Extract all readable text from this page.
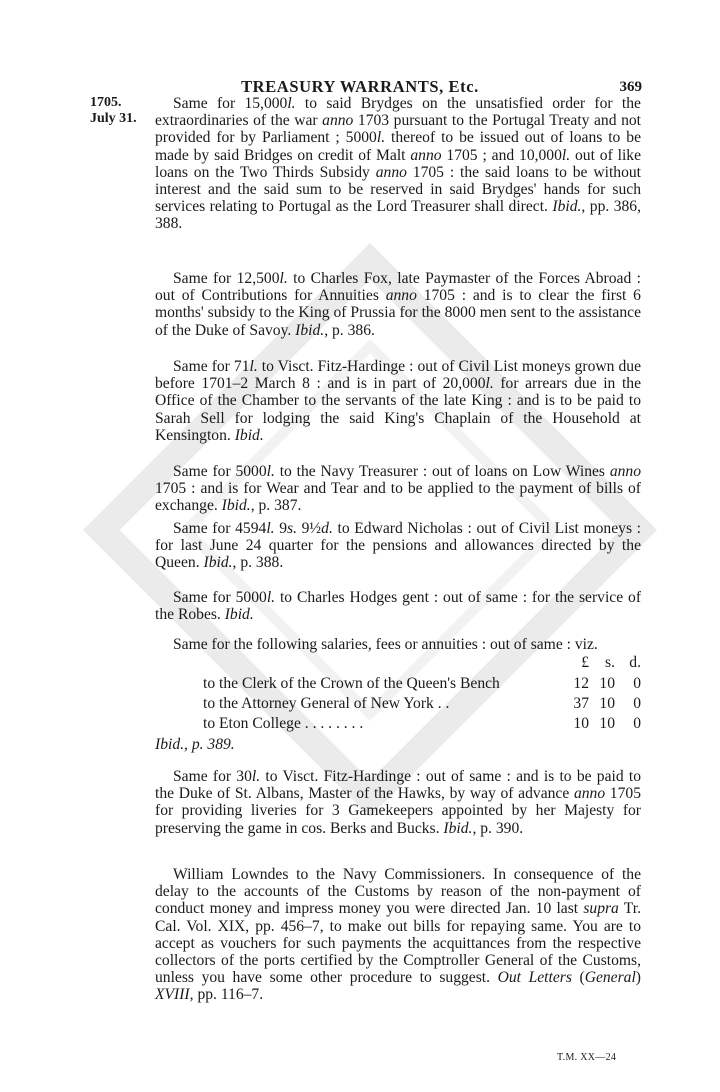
TREASURY WARRANTS, Etc.	369
1705.
July 31.

Same for 15,000l. to said Brydges on the unsatisfied order for the extraordinaries of the war anno 1703 pursuant to the Portugal Treaty and not provided for by Parliament ; 5000l. thereof to be issued out of loans to be made by said Bridges on credit of Malt anno 1705 ; and 10,000l. out of like loans on the Two Thirds Subsidy anno 1705 : the said loans to be without interest and the said sum to be reserved in said Brydges' hands for such services relating to Portugal as the Lord Treasurer shall direct. Ibid., pp. 386, 388.

Same for 12,500l. to Charles Fox, late Paymaster of the Forces Abroad : out of Contributions for Annuities anno 1705 : and is to clear the first 6 months' subsidy to the King of Prussia for the 8000 men sent to the assistance of the Duke of Savoy. Ibid., p. 386.

Same for 71l. to Visct. Fitz-Hardinge : out of Civil List moneys grown due before 1701–2 March 8 : and is in part of 20,000l. for arrears due in the Office of the Chamber to the servants of the late King : and is to be paid to Sarah Sell for lodging the said King's Chaplain of the Household at Kensington. Ibid.

Same for 5000l. to the Navy Treasurer : out of loans on Low Wines anno 1705 : and is for Wear and Tear and to be applied to the payment of bills of exchange. Ibid., p. 387.

Same for 4594l. 9s. 9½d. to Edward Nicholas : out of Civil List moneys : for last June 24 quarter for the pensions and allowances directed by the Queen. Ibid., p. 388.

Same for 5000l. to Charles Hodges gent : out of same : for the service of the Robes. Ibid.

Same for the following salaries, fees or annuities : out of same : viz.

£	s. d.
to the Clerk of the Crown of the Queen's Bench	12 10	0
to the Attorney General of New York . .	37 10	0
to Eton College . . . . . . . .	10 10	0
Ibid., p. 389.

Same for 30l. to Visct. Fitz-Hardinge : out of same : and is to be paid to the Duke of St. Albans, Master of the Hawks, by way of advance anno 1705 for providing liveries for 3 Gamekeepers appointed by her Majesty for preserving the game in cos. Berks and Bucks. Ibid., p. 390.

William Lowndes to the Navy Commissioners. In consequence of the delay to the accounts of the Customs by reason of the non-payment of conduct money and impress money you were directed Jan. 10 last supra Tr. Cal. Vol. XIX, pp. 456–7, to make out bills for repaying same. You are to accept as vouchers for such payments the acquittances from the respective collectors of the ports certified by the Comptroller General of the Customs, unless you have some other procedure to suggest. Out Letters (General) XVIII, pp. 116–7.

T.M. XX—24
